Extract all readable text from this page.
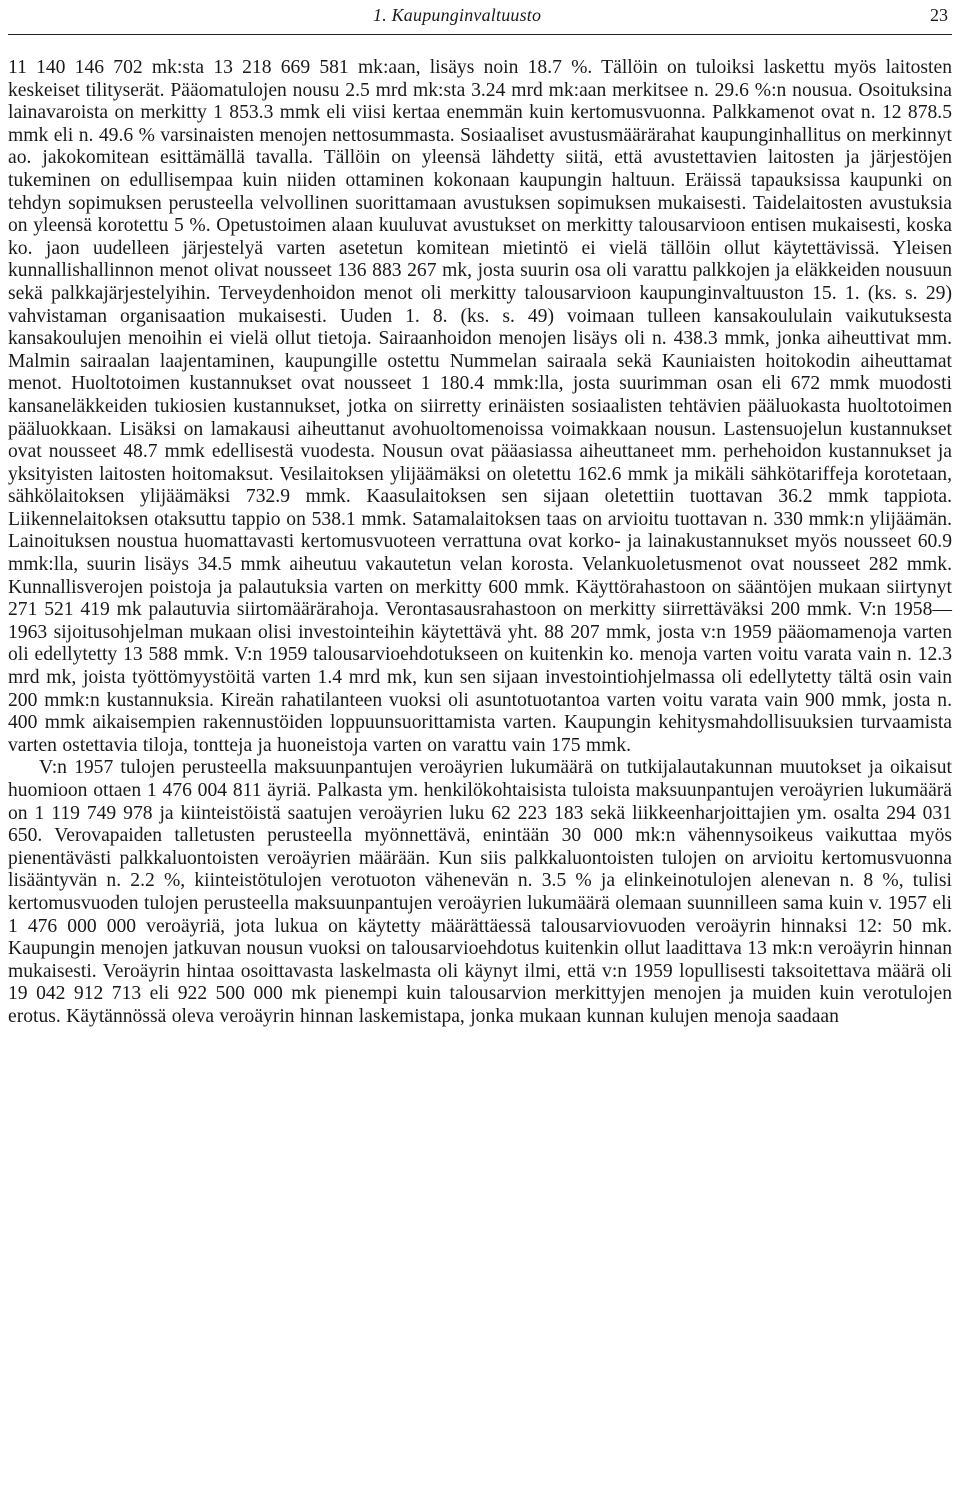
1. Kaupunginvaltuusto	23

11 140 146 702 mk:sta 13 218 669 581 mk:aan, lisäys noin 18.7 %. Tällöin on tuloiksi laskettu myös laitosten keskeiset tilityserät. Pääomatulojen nousu 2.5 mrd mk:sta 3.24 mrd mk:aan merkitsee n. 29.6 %:n nousua. Osoituksina lainavaroista on merkitty 1 853.3 mmk eli viisi kertaa enemmän kuin kertomusvuonna. Palkkamenot ovat n. 12 878.5 mmk eli n. 49.6 % varsinaisten menojen nettosummasta. Sosiaaliset avustusmäärärahat kaupunginhallitus on merkinnyt ao. jakokomitean esittämällä tavalla. Tällöin on yleensä lähdetty siitä, että avustettavien laitosten ja järjestöjen tukeminen on edullisempaa kuin niiden ottaminen kokonaan kaupungin haltuun. Eräissä tapauksissa kaupunki on tehdyn sopimuksen perusteella velvollinen suorittamaan avustuksen sopimuksen mukaisesti. Taidelaitosten avustuksia on yleensä korotettu 5 %. Opetustoimen alaan kuuluvat avustukset on merkitty talousarvioon entisen mukaisesti, koska ko. jaon uudelleen järjestelyä varten asetetun komitean mietintö ei vielä tällöin ollut käytettävissä. Yleisen kunnallishallinnon menot olivat nousseet 136 883 267 mk, josta suurin osa oli varattu palkkojen ja eläkkeiden nousuun sekä palkkajärjestelyihin. Terveydenhoidon menot oli merkitty talousarvioon kaupunginvaltuuston 15. 1. (ks. s. 29) vahvistaman organisaation mukaisesti. Uuden 1. 8. (ks. s. 49) voimaan tulleen kansakoululain vaikutuksesta kansakoulujen menoihin ei vielä ollut tietoja. Sairaanhoidon menojen lisäys oli n. 438.3 mmk, jonka aiheuttivat mm. Malmin sairaalan laajentaminen, kaupungille ostettu Nummelan sairaala sekä Kauniaisten hoitokodin aiheuttamat menot. Huoltotoimen kustannukset ovat nousseet 1 180.4 mmk:lla, josta suurimman osan eli 672 mmk muodosti kansaneläkkeiden tukiosien kustannukset, jotka on siirretty erinäisten sosiaalisten tehtävien pääluokasta huoltotoimen pääluokkaan. Lisäksi on lamakausi aiheuttanut avohuoltomenoissa voimakkaan nousun. Lastensuojelun kustannukset ovat nousseet 48.7 mmk edellisestä vuodesta. Nousun ovat pääasiassa aiheuttaneet mm. perhehoidon kustannukset ja yksityisten laitosten hoitomaksut. Vesilaitoksen ylijäämäksi on oletettu 162.6 mmk ja mikäli sähkötariffeja korotetaan, sähkölaitoksen ylijäämäksi 732.9 mmk. Kaasulaitoksen sen sijaan oletettiin tuottavan 36.2 mmk tappiota. Liikennelaitoksen otaksuttu tappio on 538.1 mmk. Satamalaitoksen taas on arvioitu tuottavan n. 330 mmk:n ylijäämän. Lainoituksen noustua huomattavasti kertomusvuoteen verrattuna ovat korko- ja lainakustannukset myös nousseet 60.9 mmk:lla, suurin lisäys 34.5 mmk aiheutuu vakautetun velan korosta. Velankuoletusmenot ovat nousseet 282 mmk. Kunnallisverojen poistoja ja palautuksia varten on merkitty 600 mmk. Käyttörahastoon on sääntöjen mukaan siirtynyt 271 521 419 mk palautuvia siirtomäärärahoja. Verontasausrahastoon on merkitty siirrettäväksi 200 mmk. V:n 1958—1963 sijoitusohjelman mukaan olisi investointeihin käytettävä yht. 88 207 mmk, josta v:n 1959 pääomamenoja varten oli edellytetty 13 588 mmk. V:n 1959 talousarvioehdotukseen on kuitenkin ko. menoja varten voitu varata vain n. 12.3 mrd mk, joista työttömyystöitä varten 1.4 mrd mk, kun sen sijaan investointiohjelmassa oli edellytetty tältä osin vain 200 mmk:n kustannuksia. Kireän rahatilanteen vuoksi oli asuntotuotantoa varten voitu varata vain 900 mmk, josta n. 400 mmk aikaisempien rakennustöiden loppuunsuorittamista varten. Kaupungin kehitysmahdollisuuksien turvaamista varten ostettavia tiloja, tontteja ja huoneistoja varten on varattu vain 175 mmk.

V:n 1957 tulojen perusteella maksuunpantujen veroäyrien lukumäärä on tutkijalautakunnan muutokset ja oikaisut huomioon ottaen 1 476 004 811 äyriä. Palkasta ym. henkilökohtaisista tuloista maksuunpantujen veroäyrien lukumäärä on 1 119 749 978 ja kiinteistöistä saatujen veroäyrien luku 62 223 183 sekä liikkeenharjoittajien ym. osalta 294 031 650. Verovapaiden talletusten perusteella myönnettävä, enintään 30 000 mk:n vähennysoikeus vaikuttaa myös pienentävästi palkkaluontoisten veroäyrien määrään. Kun siis palkkaluontoisten tulojen on arvioitu kertomusvuonna lisääntyvän n. 2.2 %, kiinteistötulojen verotuoton vähenevän n. 3.5 % ja elinkeinotulojen alenevan n. 8 %, tulisi kertomusvuoden tulojen perusteella maksuunpantujen veroäyrien lukumäärä olemaan suunnilleen sama kuin v. 1957 eli 1 476 000 000 veroäyriä, jota lukua on käytetty määrättäessä talousarviovuoden veroäyrin hinnaksi 12: 50 mk. Kaupungin menojen jatkuvan nousun vuoksi on talousarvioehdotus kuitenkin ollut laadittava 13 mk:n veroäyrin hinnan mukaisesti. Veroäyrin hintaa osoittavasta laskelmasta oli käynyt ilmi, että v:n 1959 lopullisesti taksoitettava määrä oli 19 042 912 713 eli 922 500 000 mk pienempi kuin talousarvion merkittyjen menojen ja muiden kuin verotulojen erotus. Käytännössä oleva veroäyrin hinnan laskemistapa, jonka mukaan kunnan kulujen menoja saadaan
